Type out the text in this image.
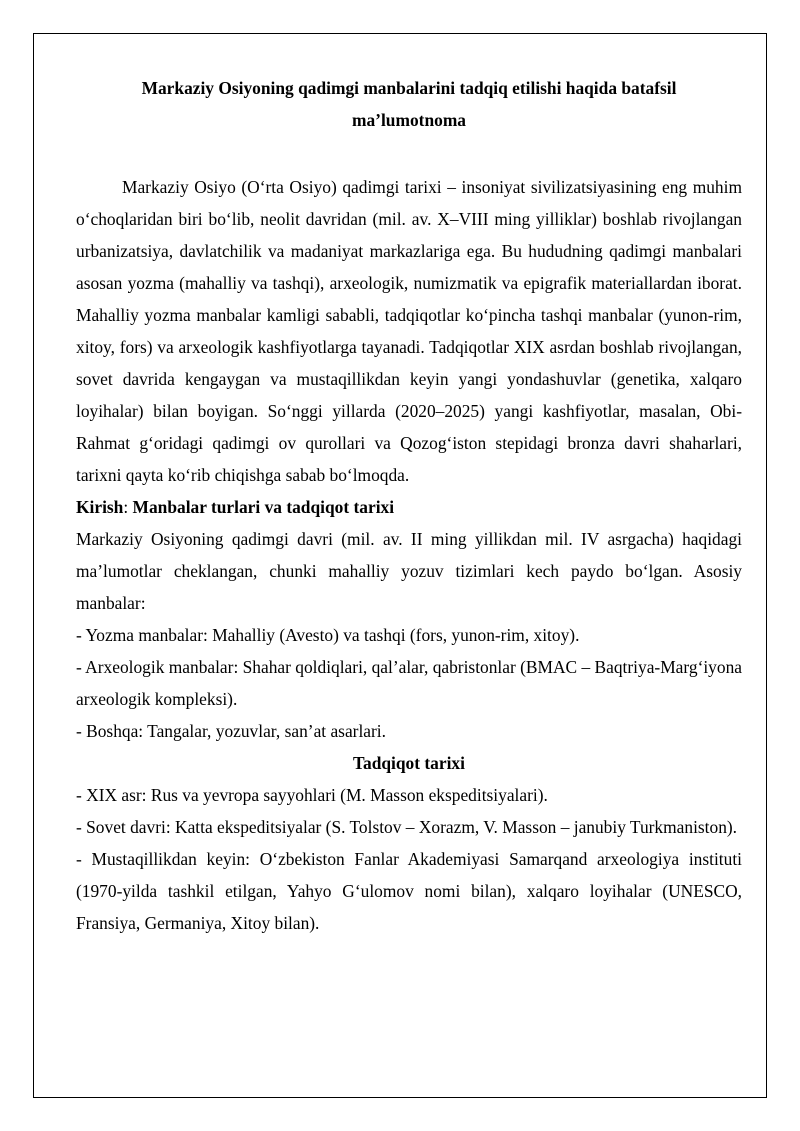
Markaziy Osiyoning qadimgi manbalarini tadqiq etilishi haqida batafsil
ma’lumotnoma

Markaziy Osiyo (O‘rta Osiyo) qadimgi tarixi – insoniyat sivilizatsiyasining eng muhim o‘choqlaridan biri bo‘lib, neolit davridan (mil. av. X–VIII ming yilliklar) boshlab rivojlangan urbanizatsiya, davlatchilik va madaniyat markazlariga ega. Bu hududning qadimgi manbalari asosan yozma (mahalliy va tashqi), arxeologik, numizmatik va epigrafik materiallardan iborat. Mahalliy yozma manbalar kamligi sababli, tadqiqotlar ko‘pincha tashqi manbalar (yunon-rim, xitoy, fors) va arxeologik kashfiyotlarga tayanadi. Tadqiqotlar XIX asrdan boshlab rivojlangan, sovet davrida kengaygan va mustaqillikdan keyin yangi yondashuvlar (genetika, xalqaro loyihalar) bilan boyigan. So‘nggi yillarda (2020–2025) yangi kashfiyotlar, masalan, Obi-Rahmat g‘oridagi qadimgi ov qurollari va Qozog‘iston stepidagi bronza davri shaharlari, tarixni qayta ko‘rib chiqishga sabab bo‘lmoqda.

Kirish: Manbalar turlari va tadqiqot tarixi

Markaziy Osiyoning qadimgi davri (mil. av. II ming yillikdan mil. IV asrgacha) haqidagi ma’lumotlar cheklangan, chunki mahalliy yozuv tizimlari kech paydo bo‘lgan. Asosiy manbalar:

- Yozma manbalar: Mahalliy (Avesto) va tashqi (fors, yunon-rim, xitoy).

- Arxeologik manbalar: Shahar qoldiqlari, qal’alar, qabristonlar (BMAC – Baqtriya-Marg‘iyona arxeologik kompleksi).

- Boshqa: Tangalar, yozuvlar, san’at asarlari.

Tadqiqot tarixi

- XIX asr: Rus va yevropa sayyohlari (M. Masson ekspeditsiyalari).

- Sovet davri: Katta ekspeditsiyalar (S. Tolstov – Xorazm, V. Masson – janubiy Turkmaniston).

- Mustaqillikdan keyin: O‘zbekiston Fanlar Akademiyasi Samarqand arxeologiya instituti (1970-yilda tashkil etilgan, Yahyo G‘ulomov nomi bilan), xalqaro loyihalar (UNESCO, Fransiya, Germaniya, Xitoy bilan).
